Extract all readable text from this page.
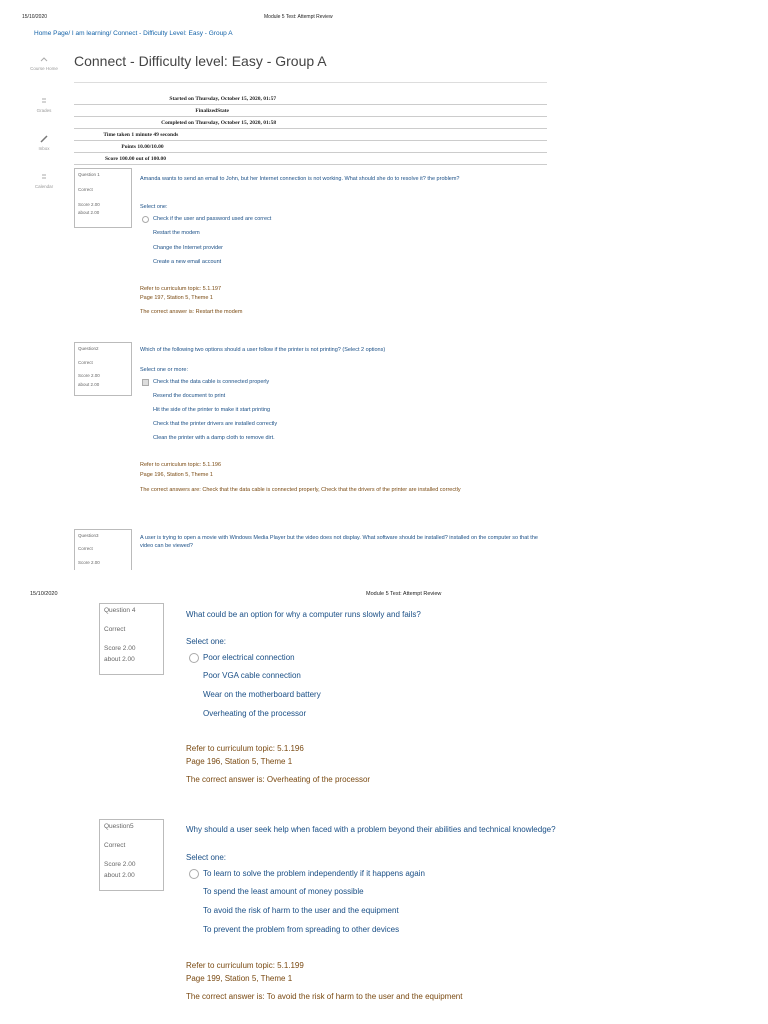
15/10/2020	Module 5 Test: Attempt Review
Home Page/ I am learning/ Connect - Difficulty Level: Easy - Group A
Course Home
Grades
Inbox
Calendar
Connect - Difficulty level: Easy - Group A
Started on Thursday, October 15, 2020, 01:57
FinalizedState
Completed on Thursday, October 15, 2020, 01:58
Time taken 1 minute 49 seconds
Points 10.00/10.00
Score 100.00 out of 100.00
Question 1
Correct
Score 2.00
about 2.00
Amanda wants to send an email to John, but her Internet connection is not working. What should she do to resolve it? the problem?
Select one:
Check if the user and password used are correct
Restart the modem
Change the Internet provider
Create a new email account
Refer to curriculum topic: 5.1.197
Page 197, Station 5, Theme 1
The correct answer is: Restart the modem
Question2
Correct
Score 2.00
about 2.00
Which of the following two options should a user follow if the printer is not printing? (Select 2 options)
Select one or more:
Check that the data cable is connected properly
Resend the document to print
Hit the side of the printer to make it start printing
Check that the printer drivers are installed correctly
Clean the printer with a damp cloth to remove dirt.
Refer to curriculum topic: 5.1.196
Page 196, Station 5, Theme 1
The correct answers are: Check that the data cable is connected properly, Check that the drivers of the printer are installed correctly
Question3
Correct
Score 2.00
A user is trying to open a movie with Windows Media Player but the video does not display. What software should be installed? installed on the computer so that the video can be viewed?
15/10/2020	Module 5 Test: Attempt Review
Question 4
Correct
Score 2.00
about 2.00
What could be an option for why a computer runs slowly and fails?
Select one:
Poor electrical connection
Poor VGA cable connection
Wear on the motherboard battery
Overheating of the processor
Refer to curriculum topic: 5.1.196
Page 196, Station 5, Theme 1
The correct answer is: Overheating of the processor
Question5
Correct
Score 2.00
about 2.00
Why should a user seek help when faced with a problem beyond their abilities and technical knowledge?
Select one:
To learn to solve the problem independently if it happens again
To spend the least amount of money possible
To avoid the risk of harm to the user and the equipment
To prevent the problem from spreading to other devices
Refer to curriculum topic: 5.1.199
Page 199, Station 5, Theme 1
The correct answer is: To avoid the risk of harm to the user and the equipment
